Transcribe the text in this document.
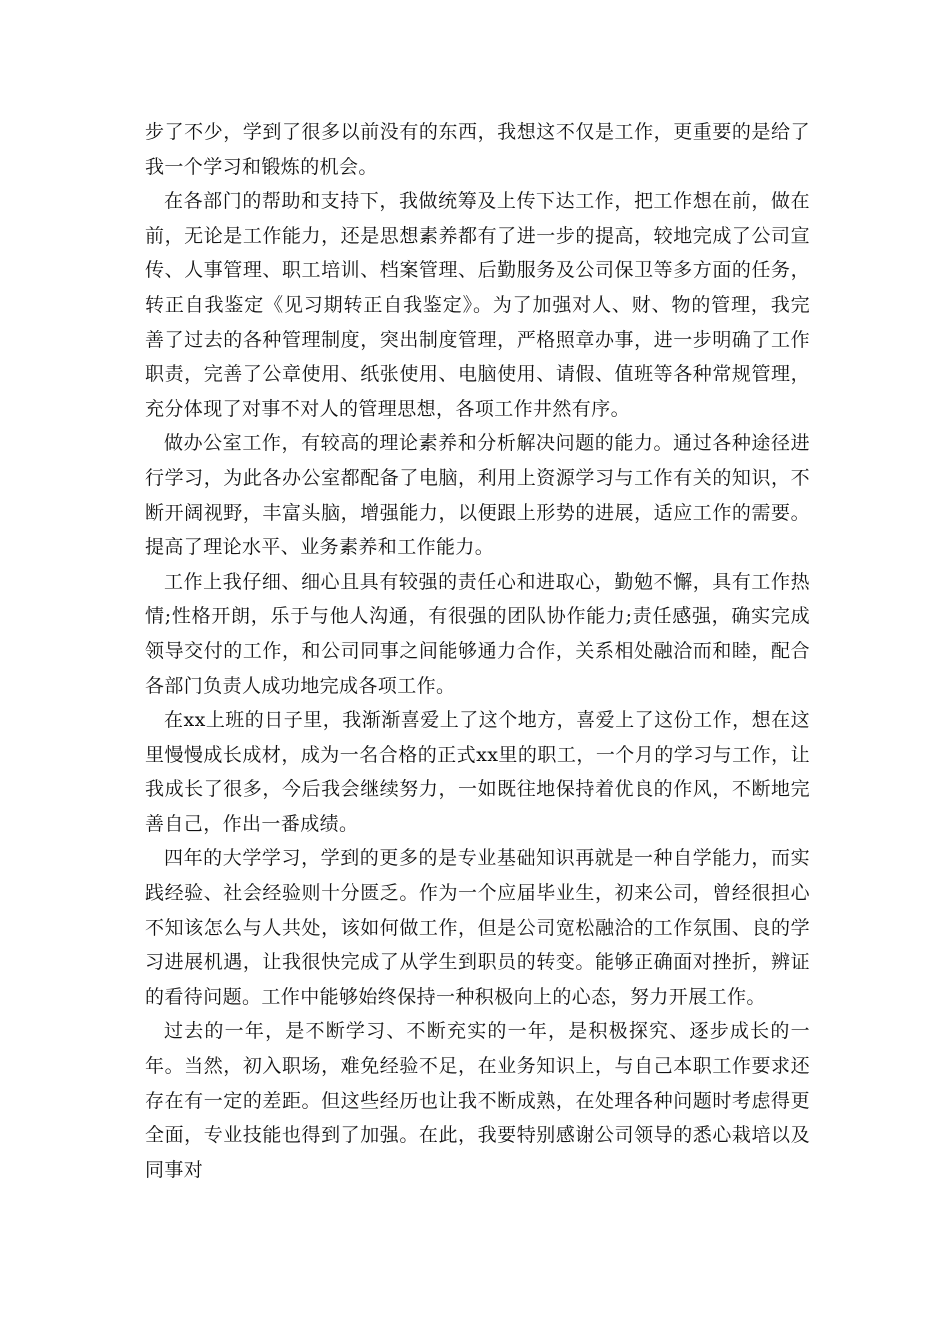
步了不少，学到了很多以前没有的东西，我想这不仅是工作，更重要的是给了我一个学习和锻炼的机会。

在各部门的帮助和支持下，我做统筹及上传下达工作，把工作想在前，做在前，无论是工作能力，还是思想素养都有了进一步的提高，较地完成了公司宣传、人事管理、职工培训、档案管理、后勤服务及公司保卫等多方面的任务，转正自我鉴定《见习期转正自我鉴定》。为了加强对人、财、物的管理，我完善了过去的各种管理制度，突出制度管理，严格照章办事，进一步明确了工作职责，完善了公章使用、纸张使用、电脑使用、请假、值班等各种常规管理，充分体现了对事不对人的管理思想，各项工作井然有序。

做办公室工作，有较高的理论素养和分析解决问题的能力。通过各种途径进行学习，为此各办公室都配备了电脑，利用上资源学习与工作有关的知识，不断开阔视野，丰富头脑，增强能力，以便跟上形势的进展，适应工作的需要。提高了理论水平、业务素养和工作能力。

工作上我仔细、细心且具有较强的责任心和进取心，勤勉不懈，具有工作热情;性格开朗，乐于与他人沟通，有很强的团队协作能力;责任感强，确实完成领导交付的工作，和公司同事之间能够通力合作，关系相处融洽而和睦，配合各部门负责人成功地完成各项工作。

在xx上班的日子里，我渐渐喜爱上了这个地方，喜爱上了这份工作，想在这里慢慢成长成材，成为一名合格的正式xx里的职工，一个月的学习与工作，让我成长了很多，今后我会继续努力，一如既往地保持着优良的作风，不断地完善自己，作出一番成绩。

四年的大学学习，学到的更多的是专业基础知识再就是一种自学能力，而实践经验、社会经验则十分匮乏。作为一个应届毕业生，初来公司，曾经很担心不知该怎么与人共处，该如何做工作，但是公司宽松融洽的工作氛围、良的学习进展机遇，让我很快完成了从学生到职员的转变。能够正确面对挫折，辨证的看待问题。工作中能够始终保持一种积极向上的心态，努力开展工作。

过去的一年，是不断学习、不断充实的一年，是积极探究、逐步成长的一年。当然，初入职场，难免经验不足，在业务知识上，与自己本职工作要求还存在有一定的差距。但这些经历也让我不断成熟，在处理各种问题时考虑得更全面，专业技能也得到了加强。在此，我要特别感谢公司领导的悉心栽培以及同事对
